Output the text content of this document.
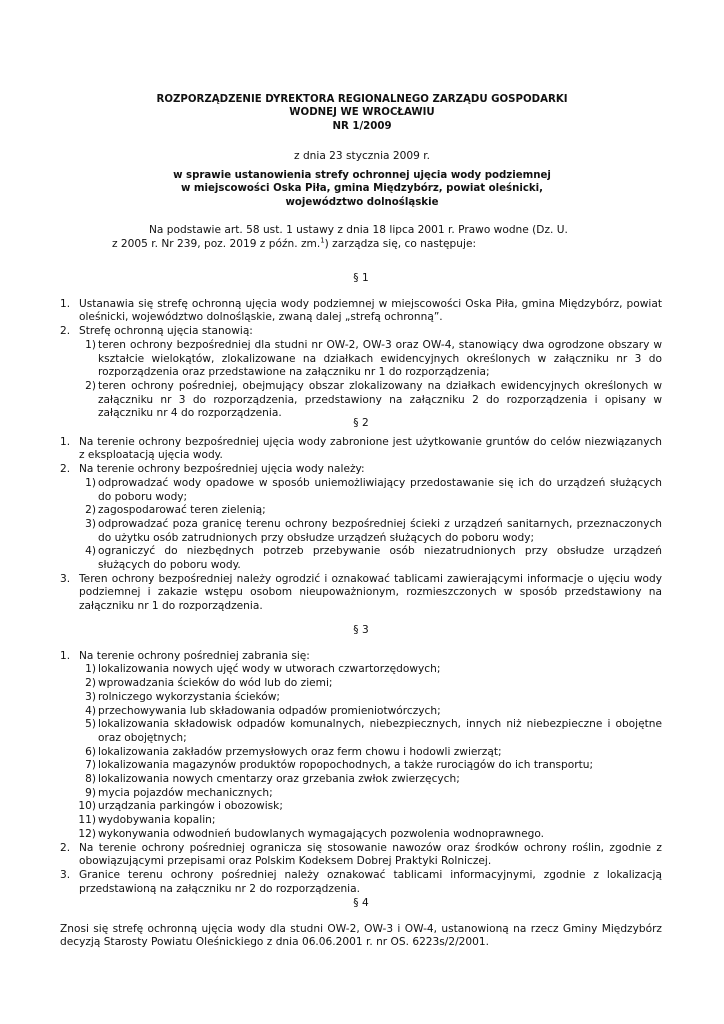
ROZPORZĄDZENIE DYREKTORA REGIONALNEGO ZARZĄDU GOSPODARKI
WODNEJ WE WROCŁAWIU
NR 1/2009
z dnia 23 stycznia 2009 r.
w sprawie ustanowienia strefy ochronnej ujęcia wody podziemnej
w miejscowości Oska Piła, gmina Międzybórz, powiat oleśnicki,
województwo dolnośląskie
Na podstawie art. 58 ust. 1 ustawy z dnia 18 lipca 2001 r. Prawo wodne (Dz. U.
z 2005 r. Nr 239, poz. 2019 z późn. zm.$^1$) zarządza się, co następuje:
§ 1
1. Ustanawia się strefę ochronną ujęcia wody podziemnej w miejscowości Oska Piła, gmina Międzybórz, powiat oleśnicki, województwo dolnośląskie, zwaną dalej „strefą ochronną”.
2. Strefę ochronną ujęcia stanowią:
1) teren ochrony bezpośredniej dla studni nr OW-2, OW-3 oraz OW-4, stanowiący dwa ogrodzone obszary w kształcie wielokątów, zlokalizowane na działkach ewidencyjnych określonych w załączniku nr 3 do rozporządzenia oraz przedstawione na załączniku nr 1 do rozporządzenia;
2) teren ochrony pośredniej, obejmujący obszar zlokalizowany na działkach ewidencyjnych określonych w załączniku nr 3 do rozporządzenia, przedstawiony na załączniku 2 do rozporządzenia i opisany w załączniku nr 4 do rozporządzenia.
§ 2
1. Na terenie ochrony bezpośredniej ujęcia wody zabronione jest użytkowanie gruntów do celów niezwiązanych z eksploatacją ujęcia wody.
2. Na terenie ochrony bezpośredniej ujęcia wody należy:
1) odprowadzać wody opadowe w sposób uniemożliwiający przedostawanie się ich do urządzeń służących do poboru wody;
2) zagospodarować teren zielenią;
3) odprowadzać poza granicę terenu ochrony bezpośredniej ścieki z urządzeń sanitarnych, przeznaczonych do użytku osób zatrudnionych przy obsłudze urządzeń służących do poboru wody;
4) ograniczyć do niezbędnych potrzeb przebywanie osób niezatrudnionych przy obsłudze urządzeń służących do poboru wody.
3. Teren ochrony bezpośredniej należy ogrodzić i oznakować tablicami zawierającymi informacje o ujęciu wody podziemnej i zakazie wstępu osobom nieupoważnionym, rozmieszczonych w sposób przedstawiony na załączniku nr 1 do rozporządzenia.
§ 3
1. Na terenie ochrony pośredniej zabrania się:
1) lokalizowania nowych ujęć wody w utworach czwartorzędowych;
2) wprowadzania ścieków do wód lub do ziemi;
3) rolniczego wykorzystania ścieków;
4) przechowywania lub składowania odpadów promieniotwórczych;
5) lokalizowania składowisk odpadów komunalnych, niebezpiecznych, innych niż niebezpieczne i obojętne oraz obojętnych;
6) lokalizowania zakładów przemysłowych oraz ferm chowu i hodowli zwierząt;
7) lokalizowania magazynów produktów ropopochodnych, a także rurociągów do ich transportu;
8) lokalizowania nowych cmentarzy oraz grzebania zwłok zwierzęcych;
9) mycia pojazdów mechanicznych;
10) urządzania parkingów i obozowisk;
11) wydobywania kopalin;
12) wykonywania odwodnień budowlanych wymagających pozwolenia wodnoprawnego.
2. Na terenie ochrony pośredniej ogranicza się stosowanie nawozów oraz środków ochrony roślin, zgodnie z obowiązującymi przepisami oraz Polskim Kodeksem Dobrej Praktyki Rolniczej.
3. Granice terenu ochrony pośredniej należy oznakować tablicami informacyjnymi, zgodnie z lokalizacją przedstawioną na załączniku nr 2 do rozporządzenia.
§ 4
Znosi się strefę ochronną ujęcia wody dla studni OW-2, OW-3 i OW-4, ustanowioną na rzecz Gminy Międzybórz decyzją Starosty Powiatu Oleśnickiego z dnia 06.06.2001 r. nr OS. 6223s/2/2001.
